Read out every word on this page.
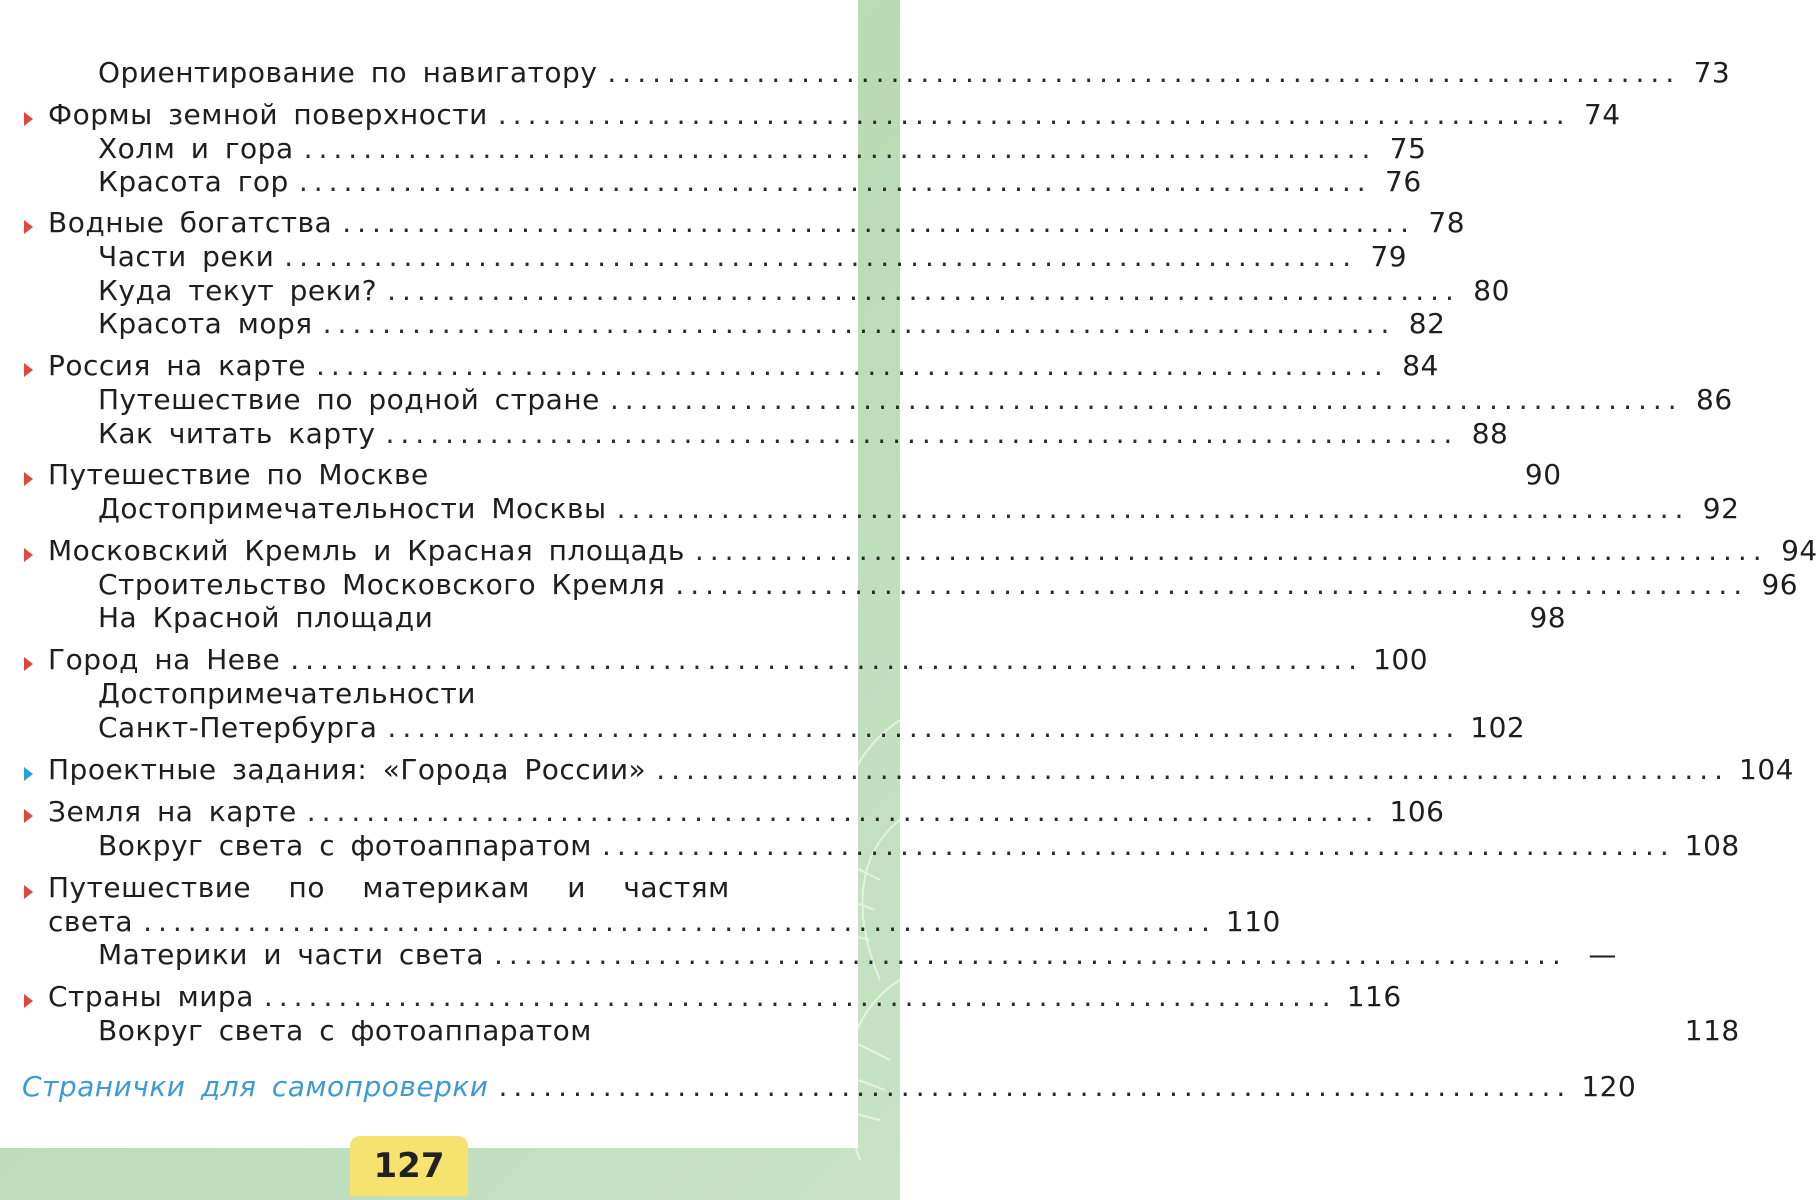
Ориентирование по навигатору ........................................................................ 73
Формы земной поверхности ........................................................................ 74
Холм и гора ........................................................................ 75
Красота гор ........................................................................ 76
Водные богатства ........................................................................ 78
Части реки ........................................................................ 79
Куда текут реки? ........................................................................ 80
Красота моря ........................................................................ 82
Россия на карте ........................................................................ 84
Путешествие по родной стране ........................................................................ 86
Как читать карту ........................................................................ 88
Путешествие по Москве	90
Достопримечательности Москвы ........................................................................ 92
Московский Кремль и Красная площадь ........................................................................ 94
Строительство Московского Кремля ........................................................................ 96
На Красной площади	98
Город на Неве ........................................................................ 100
Достопримечательности
Санкт-Петербурга ........................................................................ 102
Проектные задания: «Города России» ........................................................................ 104
Земля на карте ........................................................................ 106
Вокруг света с фотоаппаратом ........................................................................ 108
Путешествие по материкам и частям
света ........................................................................ 110
Материки и части света ........................................................................ —
Страны мира ........................................................................ 116
Вокруг света с фотоаппаратом	118
Странички для самопроверки ........................................................................ 120
127
